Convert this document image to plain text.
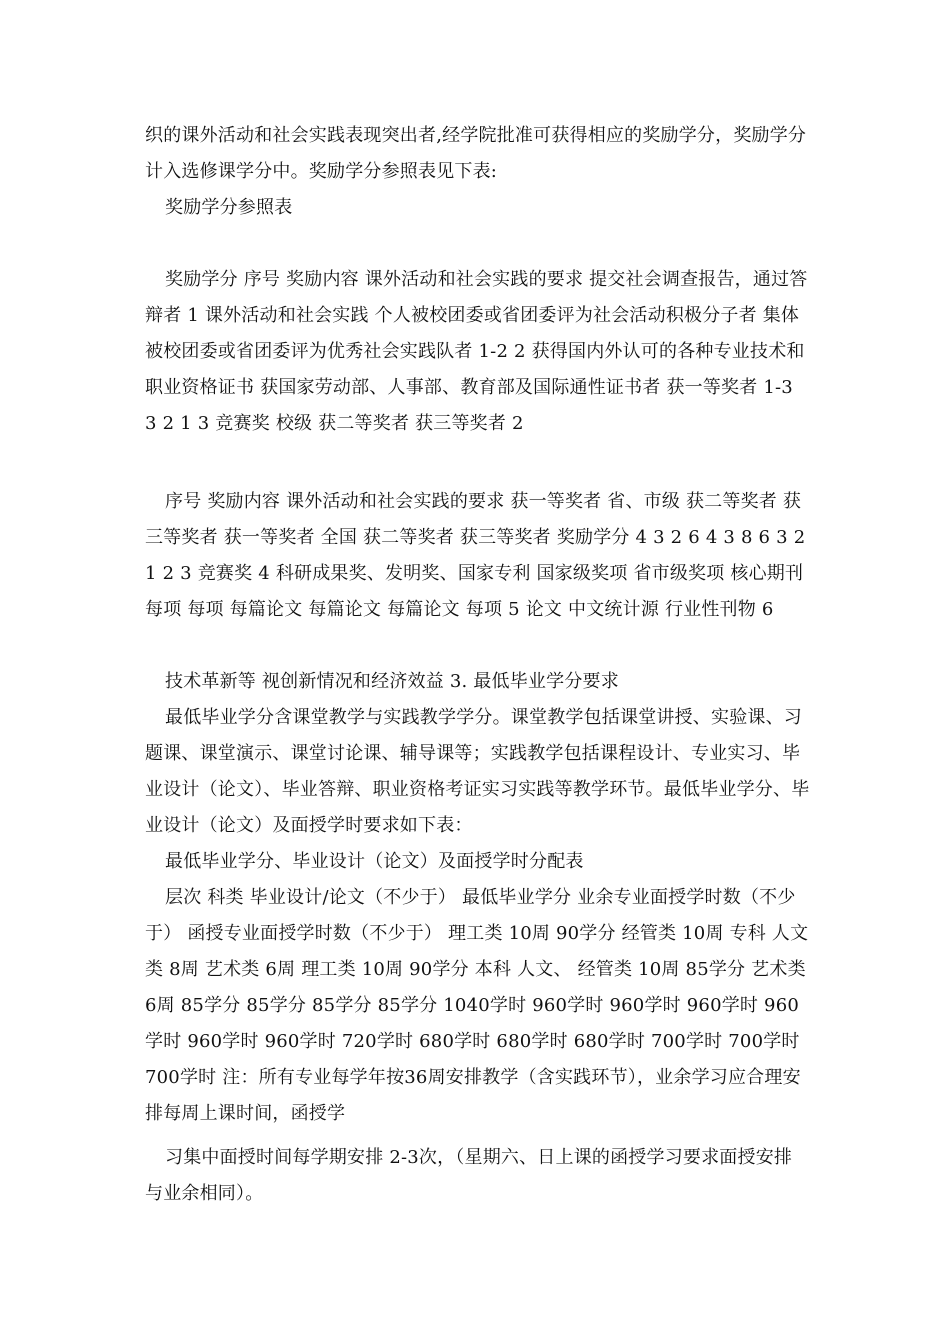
织的课外活动和社会实践表现突出者,经学院批准可获得相应的奖励学分，奖励学分计入选修课学分中。奖励学分参照表见下表:

奖励学分参照表

奖励学分 序号 奖励内容 课外活动和社会实践的要求 提交社会调查报告，通过答辩者 1 课外活动和社会实践 个人被校团委或省团委评为社会活动积极分子者 集体被校团委或省团委评为优秀社会实践队者 1-2 2 获得国内外认可的各种专业技术和职业资格证书 获国家劳动部、人事部、教育部及国际通性证书者 获一等奖者 1-3 3 2 1 3 竞赛奖 校级 获二等奖者 获三等奖者 2

序号 奖励内容 课外活动和社会实践的要求 获一等奖者 省、市级 获二等奖者 获三等奖者 获一等奖者 全国 获二等奖者 获三等奖者 奖励学分 4 3 2 6 4 3 8 6 3 2 1 2 3 竞赛奖 4 科研成果奖、发明奖、国家专利 国家级奖项 省市级奖项 核心期刊 每项 每项 每篇论文 每篇论文 每篇论文 每项 5 论文 中文统计源 行业性刊物 6

技术革新等 视创新情况和经济效益 3. 最低毕业学分要求

最低毕业学分含课堂教学与实践教学学分。课堂教学包括课堂讲授、实验课、习题课、课堂演示、课堂讨论课、辅导课等；实践教学包括课程设计、专业实习、毕业设计（论文）、毕业答辩、职业资格考证实习实践等教学环节。最低毕业学分、毕业设计（论文）及面授学时要求如下表：

最低毕业学分、毕业设计（论文）及面授学时分配表

层次 科类 毕业设计/论文（不少于） 最低毕业学分 业余专业面授学时数（不少于） 函授专业面授学时数（不少于） 理工类 10周 90学分 经管类 10周 专科 人文类 8周 艺术类 6周 理工类 10周 90学分 本科 人文、 经管类 10周 85学分 艺术类 6周 85学分 85学分 85学分 85学分 1040学时 960学时 960学时 960学时 960学时 960学时 960学时 720学时 680学时 680学时 680学时 700学时 700学时 700学时 注：所有专业每学年按36周安排教学（含实践环节），业余学习应合理安排每周上课时间，函授学

习集中面授时间每学期安排 2-3次，（星期六、日上课的函授学习要求面授安排与业余相同）。
